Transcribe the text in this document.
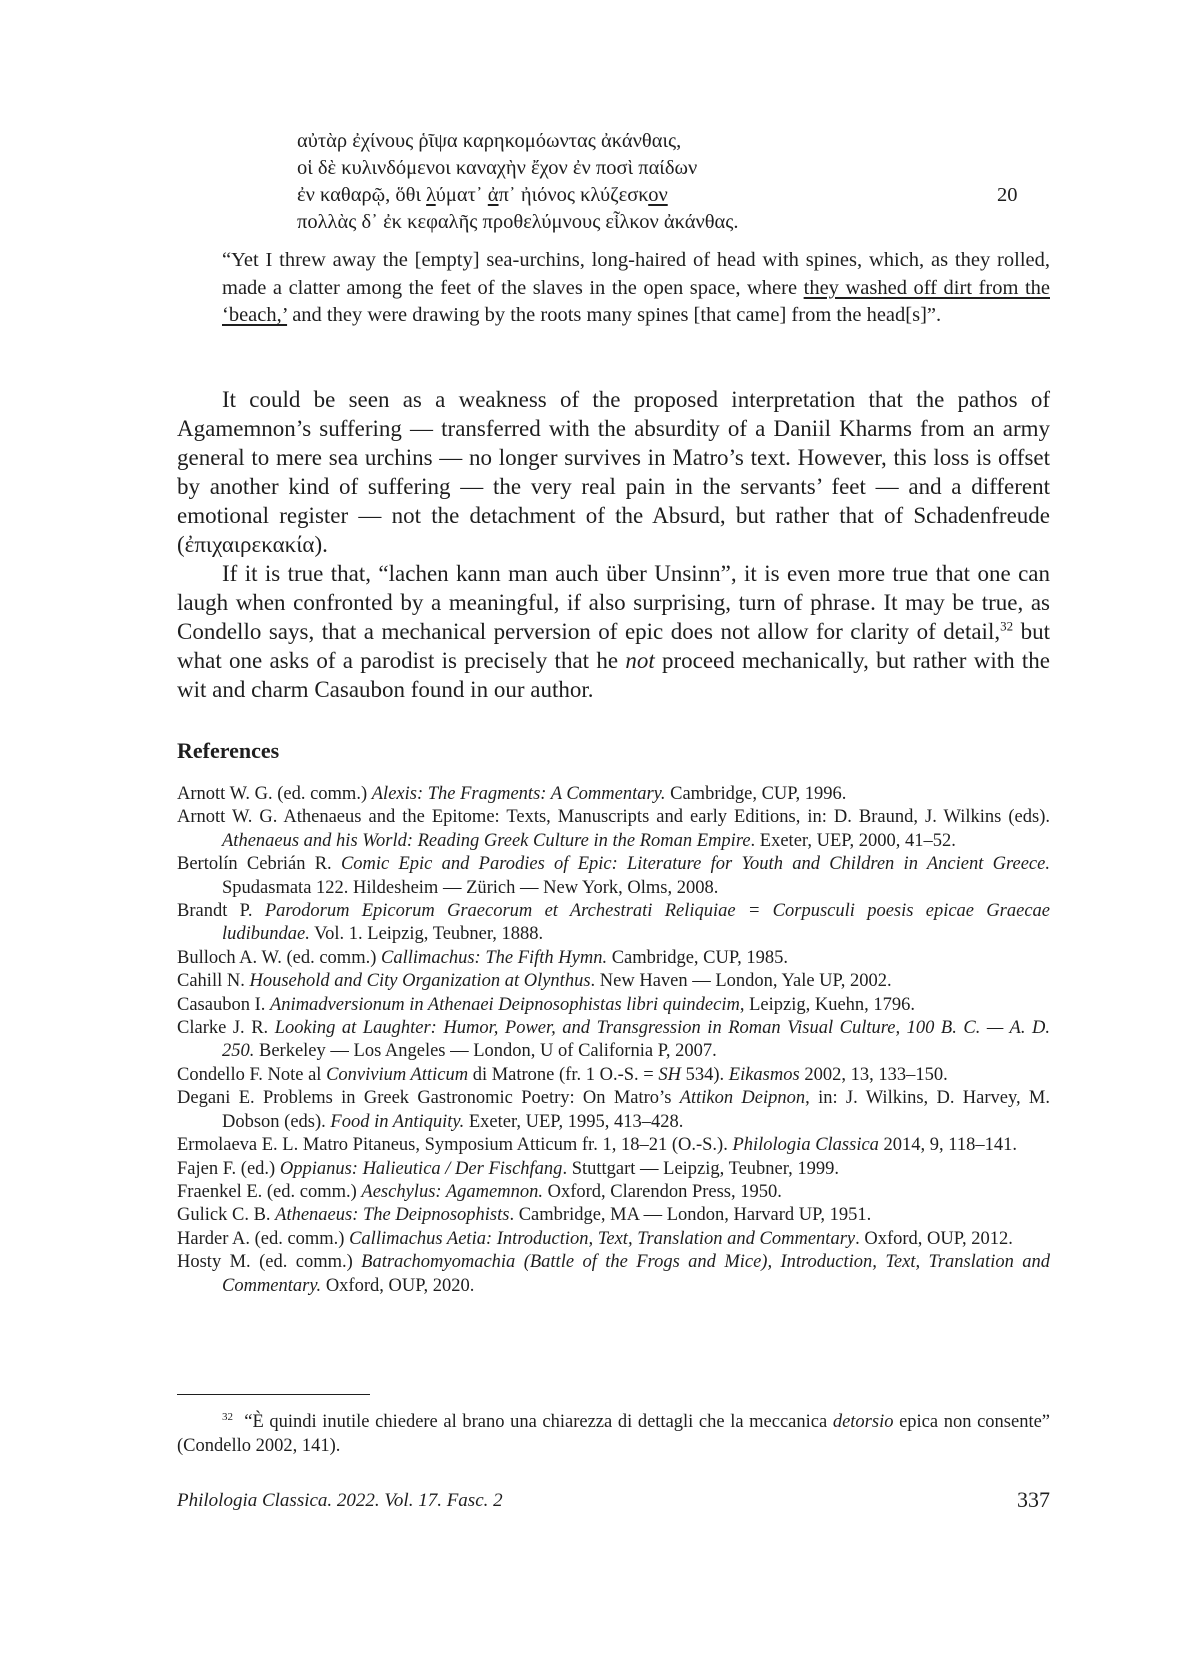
αὐτὰρ ἐχίνους ῥῖψα καρηκομόωντας ἀκάνθαις,
οἱ δὲ κυλινδόμενοι καναχὴν ἔχον ἐν ποσὶ παίδων
ἐν καθαρῷ, ὅθι λύματ᾽ ἀπ᾽ ἠιόνος κλύζεσκον	20
πολλὰς δ᾽ ἐκ κεφαλῆς προθελύμνους εἷλκον ἀκάνθας.

“Yet I threw away the [empty] sea-urchins, long-haired of head with spines, which, as they rolled, made a clatter among the feet of the slaves in the open space, where they washed off dirt from the ‘beach,’ and they were drawing by the roots many spines [that came] from the head[s]”.

It could be seen as a weakness of the proposed interpretation that the pathos of Agamemnon’s suffering — transferred with the absurdity of a Daniil Kharms from an army general to mere sea urchins — no longer survives in Matro’s text. However, this loss is offset by another kind of suffering — the very real pain in the servants’ feet — and a different emotional register — not the detachment of the Absurd, but rather that of Schadenfreude (ἐπιχαιρεκακία).

If it is true that, “lachen kann man auch über Unsinn”, it is even more true that one can laugh when confronted by a meaningful, if also surprising, turn of phrase. It may be true, as Condello says, that a mechanical perversion of epic does not allow for clarity of detail,$^{32}$ but what one asks of a parodist is precisely that he not proceed mechanically, but rather with the wit and charm Casaubon found in our author.

References
Arnott W. G. (ed. comm.) Alexis: The Fragments: A Commentary. Cambridge, CUP, 1996.
Arnott W. G. Athenaeus and the Epitome: Texts, Manuscripts and early Editions, in: D. Braund, J. Wilkins (eds). Athenaeus and his World: Reading Greek Culture in the Roman Empire. Exeter, UEP, 2000, 41–52.
Bertolín Cebrián R. Comic Epic and Parodies of Epic: Literature for Youth and Children in Ancient Greece. Spudasmata 122. Hildesheim — Zürich — New York, Olms, 2008.
Brandt P. Parodorum Epicorum Graecorum et Archestrati Reliquiae = Corpusculi poesis epicae Graecae ludibundae. Vol. 1. Leipzig, Teubner, 1888.
Bulloch A. W. (ed. comm.) Callimachus: The Fifth Hymn. Cambridge, CUP, 1985.
Cahill N. Household and City Organization at Olynthus. New Haven — London, Yale UP, 2002.
Casaubon I. Animadversionum in Athenaei Deipnosophistas libri quindecim, Leipzig, Kuehn, 1796.
Clarke J. R. Looking at Laughter: Humor, Power, and Transgression in Roman Visual Culture, 100 B. C. — A. D. 250. Berkeley — Los Angeles — London, U of California P, 2007.
Condello F. Note al Convivium Atticum di Matrone (fr. 1 O.-S. = SH 534). Eikasmos 2002, 13, 133–150.
Degani E. Problems in Greek Gastronomic Poetry: On Matro’s Attikon Deipnon, in: J. Wilkins, D. Harvey, M. Dobson (eds). Food in Antiquity. Exeter, UEP, 1995, 413–428.
Ermolaeva E. L. Matro Pitaneus, Symposium Atticum fr. 1, 18–21 (O.-S.). Philologia Classica 2014, 9, 118–141.
Fajen F. (ed.) Oppianus: Halieutica / Der Fischfang. Stuttgart — Leipzig, Teubner, 1999.
Fraenkel E. (ed. comm.) Aeschylus: Agamemnon. Oxford, Clarendon Press, 1950.
Gulick C. B. Athenaeus: The Deipnosophists. Cambridge, MA — London, Harvard UP, 1951.
Harder A. (ed. comm.) Callimachus Aetia: Introduction, Text, Translation and Commentary. Oxford, OUP, 2012.
Hosty M. (ed. comm.) Batrachomyomachia (Battle of the Frogs and Mice), Introduction, Text, Translation and Commentary. Oxford, OUP, 2020.

$^{32}$ “È quindi inutile chiedere al brano una chiarezza di dettagli che la meccanica detorsio epica non consente” (Condello 2002, 141).

Philologia Classica. 2022. Vol. 17. Fasc. 2	337
